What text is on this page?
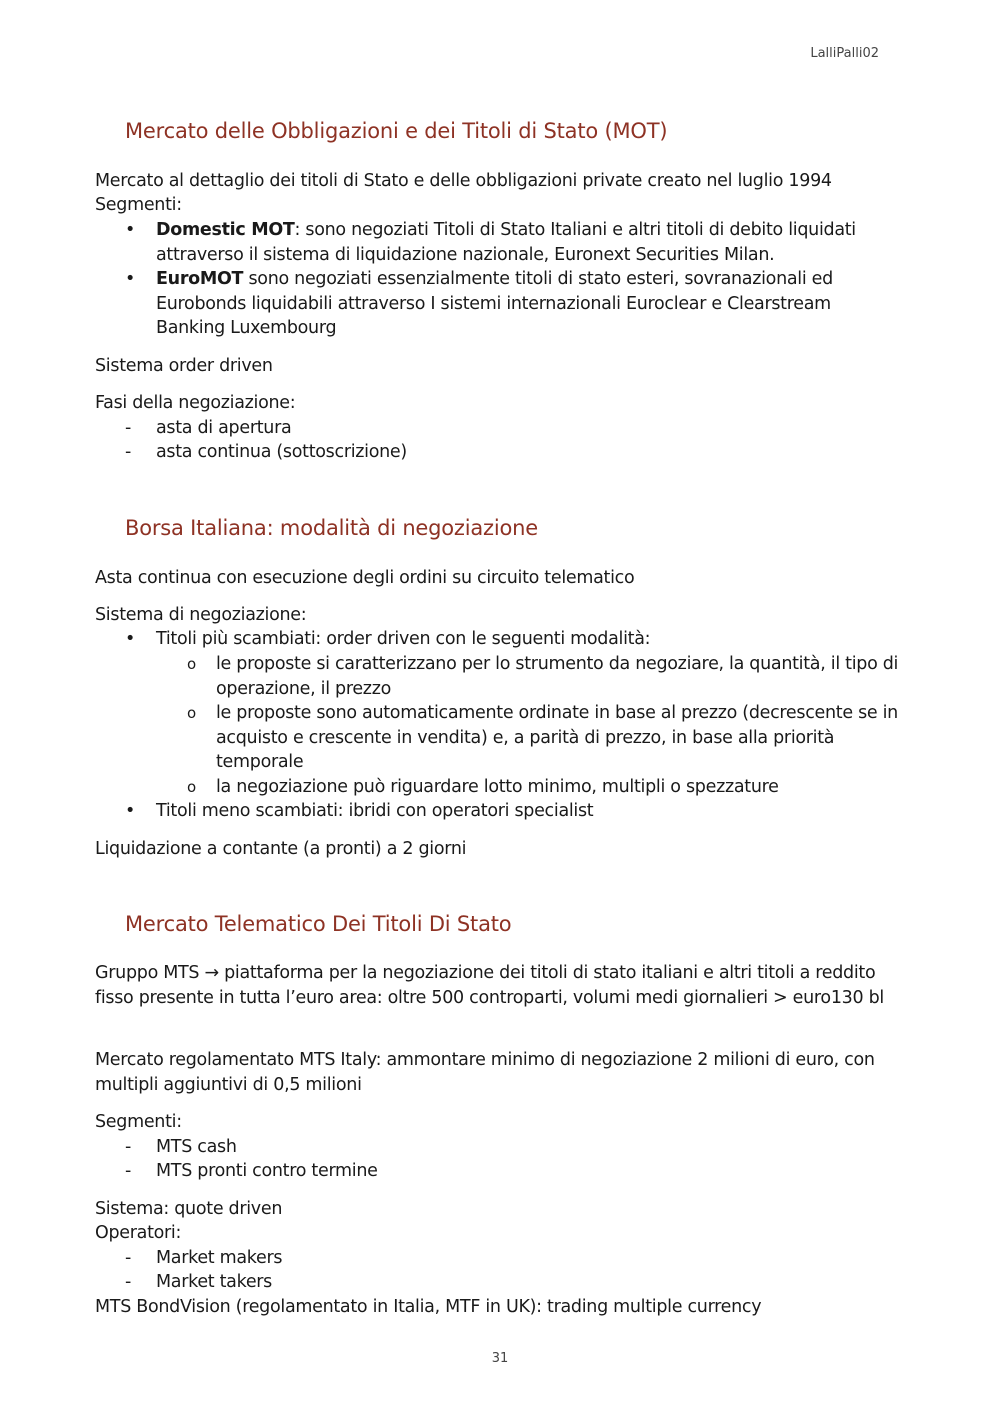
LalliPalli02
Mercato delle Obbligazioni e dei Titoli di Stato (MOT)

Mercato al dettaglio dei titoli di Stato e delle obbligazioni private creato nel luglio 1994

Segmenti:

• Domestic MOT: sono negoziati Titoli di Stato Italiani e altri titoli di debito liquidati attraverso il sistema di liquidazione nazionale, Euronext Securities Milan.
• EuroMOT sono negoziati essenzialmente titoli di stato esteri, sovranazionali ed Eurobonds liquidabili attraverso I sistemi internazionali Euroclear e Clearstream Banking Luxembourg

Sistema order driven

Fasi della negoziazione:

- asta di apertura
- asta continua (sottoscrizione)
Borsa Italiana: modalità di negoziazione

Asta continua con esecuzione degli ordini su circuito telematico

Sistema di negoziazione:

• Titoli più scambiati: order driven con le seguenti modalità:
o le proposte si caratterizzano per lo strumento da negoziare, la quantità, il tipo di operazione, il prezzo
o le proposte sono automaticamente ordinate in base al prezzo (decrescente se in acquisto e crescente in vendita) e, a parità di prezzo, in base alla priorità temporale
o la negoziazione può riguardare lotto minimo, multipli o spezzature
• Titoli meno scambiati: ibridi con operatori specialist

Liquidazione a contante (a pronti) a 2 giorni

Mercato Telematico Dei Titoli Di Stato

Gruppo MTS → piattaforma per la negoziazione dei titoli di stato italiani e altri titoli a reddito fisso presente in tutta l’euro area: oltre 500 controparti, volumi medi giornalieri > euro130 bl

Mercato regolamentato MTS Italy: ammontare minimo di negoziazione 2 milioni di euro, con multipli aggiuntivi di 0,5 milioni

Segmenti:

- MTS cash
- MTS pronti contro termine

Sistema: quote driven

Operatori:

- Market makers
- Market takers

MTS BondVision (regolamentato in Italia, MTF in UK): trading multiple currency

31
